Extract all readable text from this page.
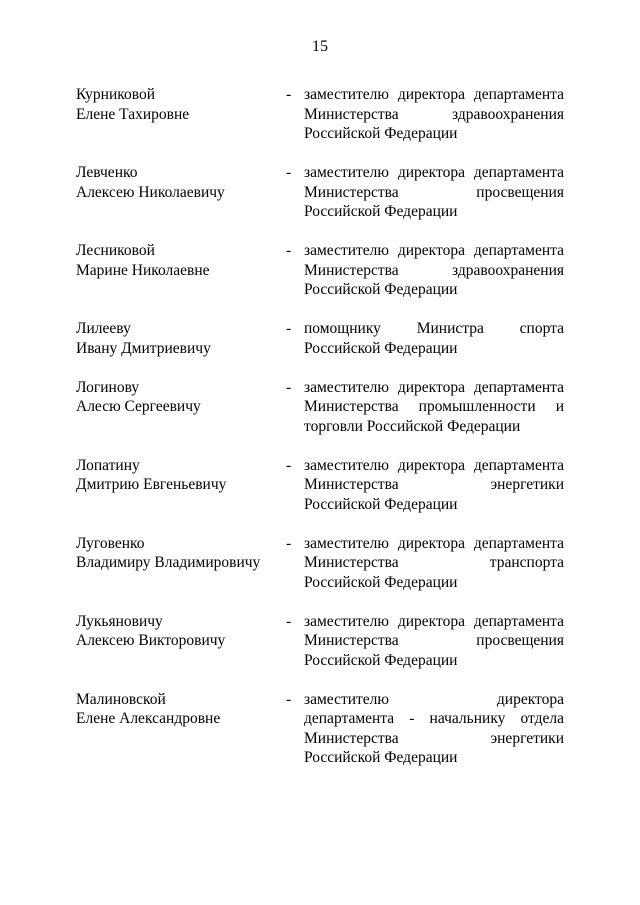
15
Курниковой
Елене Тахировне
- заместителю директора департамента
Министерства здравоохранения
Российской Федерации
Левченко
Алексею Николаевичу
- заместителю директора департамента
Министерства просвещения
Российской Федерации
Лесниковой
Марине Николаевне
- заместителю директора департамента
Министерства здравоохранения
Российской Федерации
Лилееву
Ивану Дмитриевичу
- помощнику Министра спорта
Российской Федерации
Логинову
Алесю Сергеевичу
- заместителю директора департамента
Министерства промышленности и
торговли Российской Федерации
Лопатину
Дмитрию Евгеньевичу
- заместителю директора департамента
Министерства энергетики
Российской Федерации
Луговенко
Владимиру Владимировичу
- заместителю директора департамента
Министерства транспорта
Российской Федерации
Лукьяновичу
Алексею Викторовичу
- заместителю директора департамента
Министерства просвещения
Российской Федерации
Малиновской
Елене Александровне
- заместителю директора
департамента - начальнику отдела
Министерства энергетики
Российской Федерации
